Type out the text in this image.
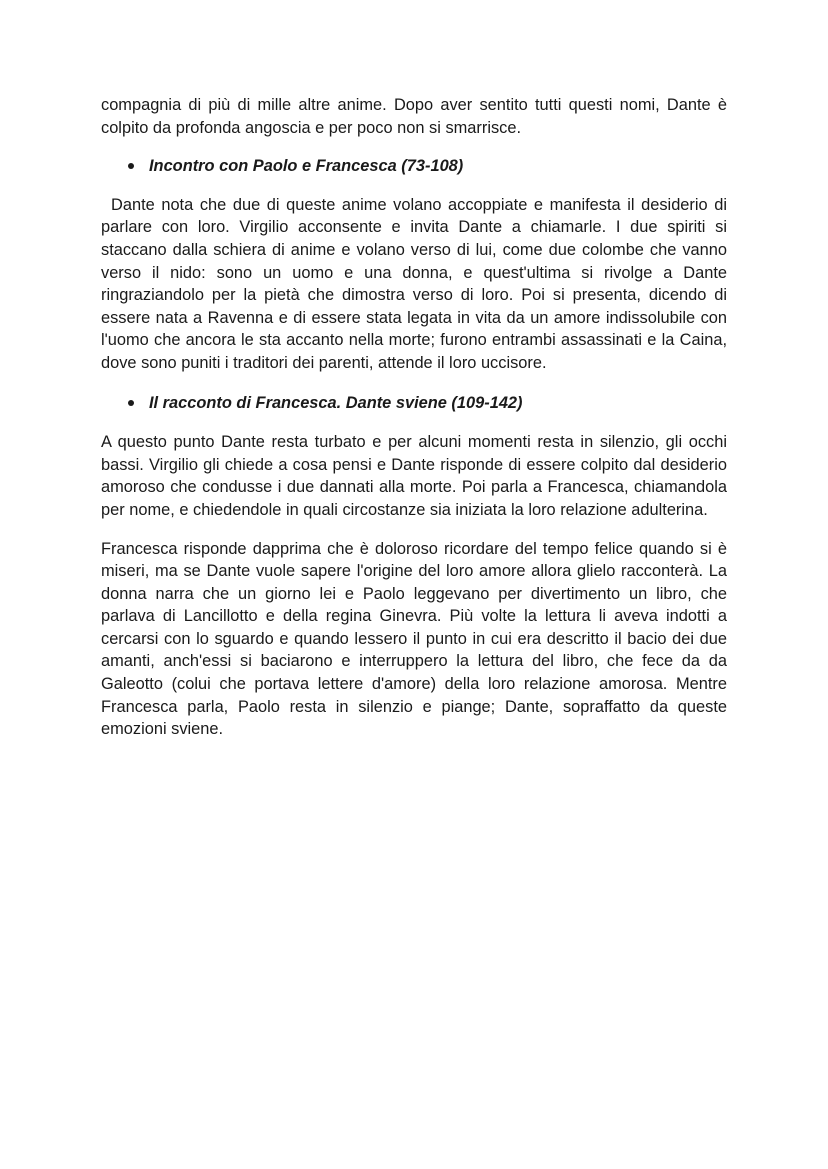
compagnia di più di mille altre anime. Dopo aver sentito tutti questi nomi, Dante è colpito da profonda angoscia e per poco non si smarrisce.

Incontro con Paolo e Francesca (73-108)

Dante nota che due di queste anime volano accoppiate e manifesta il desiderio di parlare con loro. Virgilio acconsente e invita Dante a chiamarle. I due spiriti si staccano dalla schiera di anime e volano verso di lui, come due colombe che vanno verso il nido: sono un uomo e una donna, e quest'ultima si rivolge a Dante ringraziandolo per la pietà che dimostra verso di loro. Poi si presenta, dicendo di essere nata a Ravenna e di essere stata legata in vita da un amore indissolubile con l'uomo che ancora le sta accanto nella morte; furono entrambi assassinati e la Caina, dove sono puniti i traditori dei parenti, attende il loro uccisore.

Il racconto di Francesca. Dante sviene (109-142)

A questo punto Dante resta turbato e per alcuni momenti resta in silenzio, gli occhi bassi. Virgilio gli chiede a cosa pensi e Dante risponde di essere colpito dal desiderio amoroso che condusse i due dannati alla morte. Poi parla a Francesca, chiamandola per nome, e chiedendole in quali circostanze sia iniziata la loro relazione adulterina.

Francesca risponde dapprima che è doloroso ricordare del tempo felice quando si è miseri, ma se Dante vuole sapere l'origine del loro amore allora glielo racconterà. La donna narra che un giorno lei e Paolo leggevano per divertimento un libro, che parlava di Lancillotto e della regina Ginevra. Più volte la lettura li aveva indotti a cercarsi con lo sguardo e quando lessero il punto in cui era descritto il bacio dei due amanti, anch'essi si baciarono e interruppero la lettura del libro, che fece da da Galeotto (colui che portava lettere d'amore) della loro relazione amorosa. Mentre Francesca parla, Paolo resta in silenzio e piange; Dante, sopraffatto da queste emozioni sviene.
